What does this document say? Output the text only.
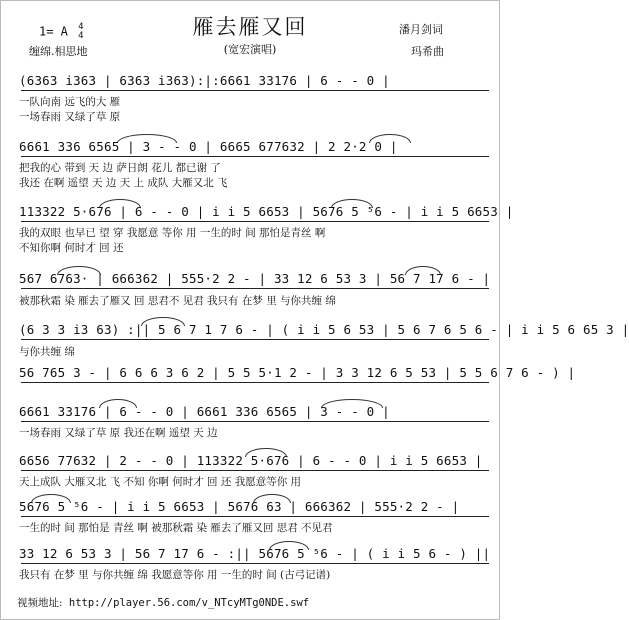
1= A 4
4	雁去雁又回
(宽宏演唱)
缠绵.相思地
潘月剑词
玛希曲
(6363 i363 | 6363 i363):|:6661 33176 | 6 - - 0 |
一队向南 远飞的大 雁
一场春雨 又绿了草 原
6661 336 6565 | 3 - - 0 | 6665 677632 | 2 2·2 0 |
把我的心 带到 天 边 萨日朗 花儿 都已谢 了
我还 在啊 遥望 天 边 天 上 成队 大雁又北 飞
113322 5·676 | 6 - - 0 | i i 5 6653 | 5676 5 ⁵6 - | i i 5 6653 |
我的双眼 也早已 望 穿 我愿意 等你 用 一生的时 间 那怕是青丝 啊
不知你啊 何时才 回 还
567 6763· | 666362 | 555·2 2 - | 33 12 6 53 3 | 56 7 17 6 - |
被那秋霜 染 雁去了雁又 回 思君不 见君 我只有 在梦 里 与你共缠 绵
(6 3 3 i3 63) :|| 5 6 7 1 7 6 - | ( i i 5 6 53 | 5 6 7 6 5 6 - | i i 5 6 65 3 |
与你共缠 绵
56 765 3 - | 6 6 6 3 6 2 | 5 5 5·1 2 - | 3 3 12 6 5 53 | 5 5 6 7 6 - ) |
6661 33176 | 6 - - 0 | 6661 336 6565 | 3 - - 0 |
一场春雨 又绿了草 原 我还在啊 遥望 天 边
6656 77632 | 2 - - 0 | 113322 5·676 | 6 - - 0 | i i 5 6653 |
天上成队 大雁又北 飞 不知 你啊 何时才 回 还 我愿意等你 用
5676 5 ⁵6 - | i i 5 6653 | 5676 63 | 666362 | 555·2 2 - |
一生的时 间 那怕是 青丝 啊 被那秋霜 染 雁去了雁又回 思君 不见君
33 12 6 53 3 | 56 7 17 6 - :|| 5676 5 ⁵6 - | ( i i 5 6 - ) ||
我只有 在梦 里 与你共缠 绵 我愿意等你 用 一生的时 间 (古弓记谱)
视频地址: http://player.56.com/v_NTcyMTg0NDE.swf
